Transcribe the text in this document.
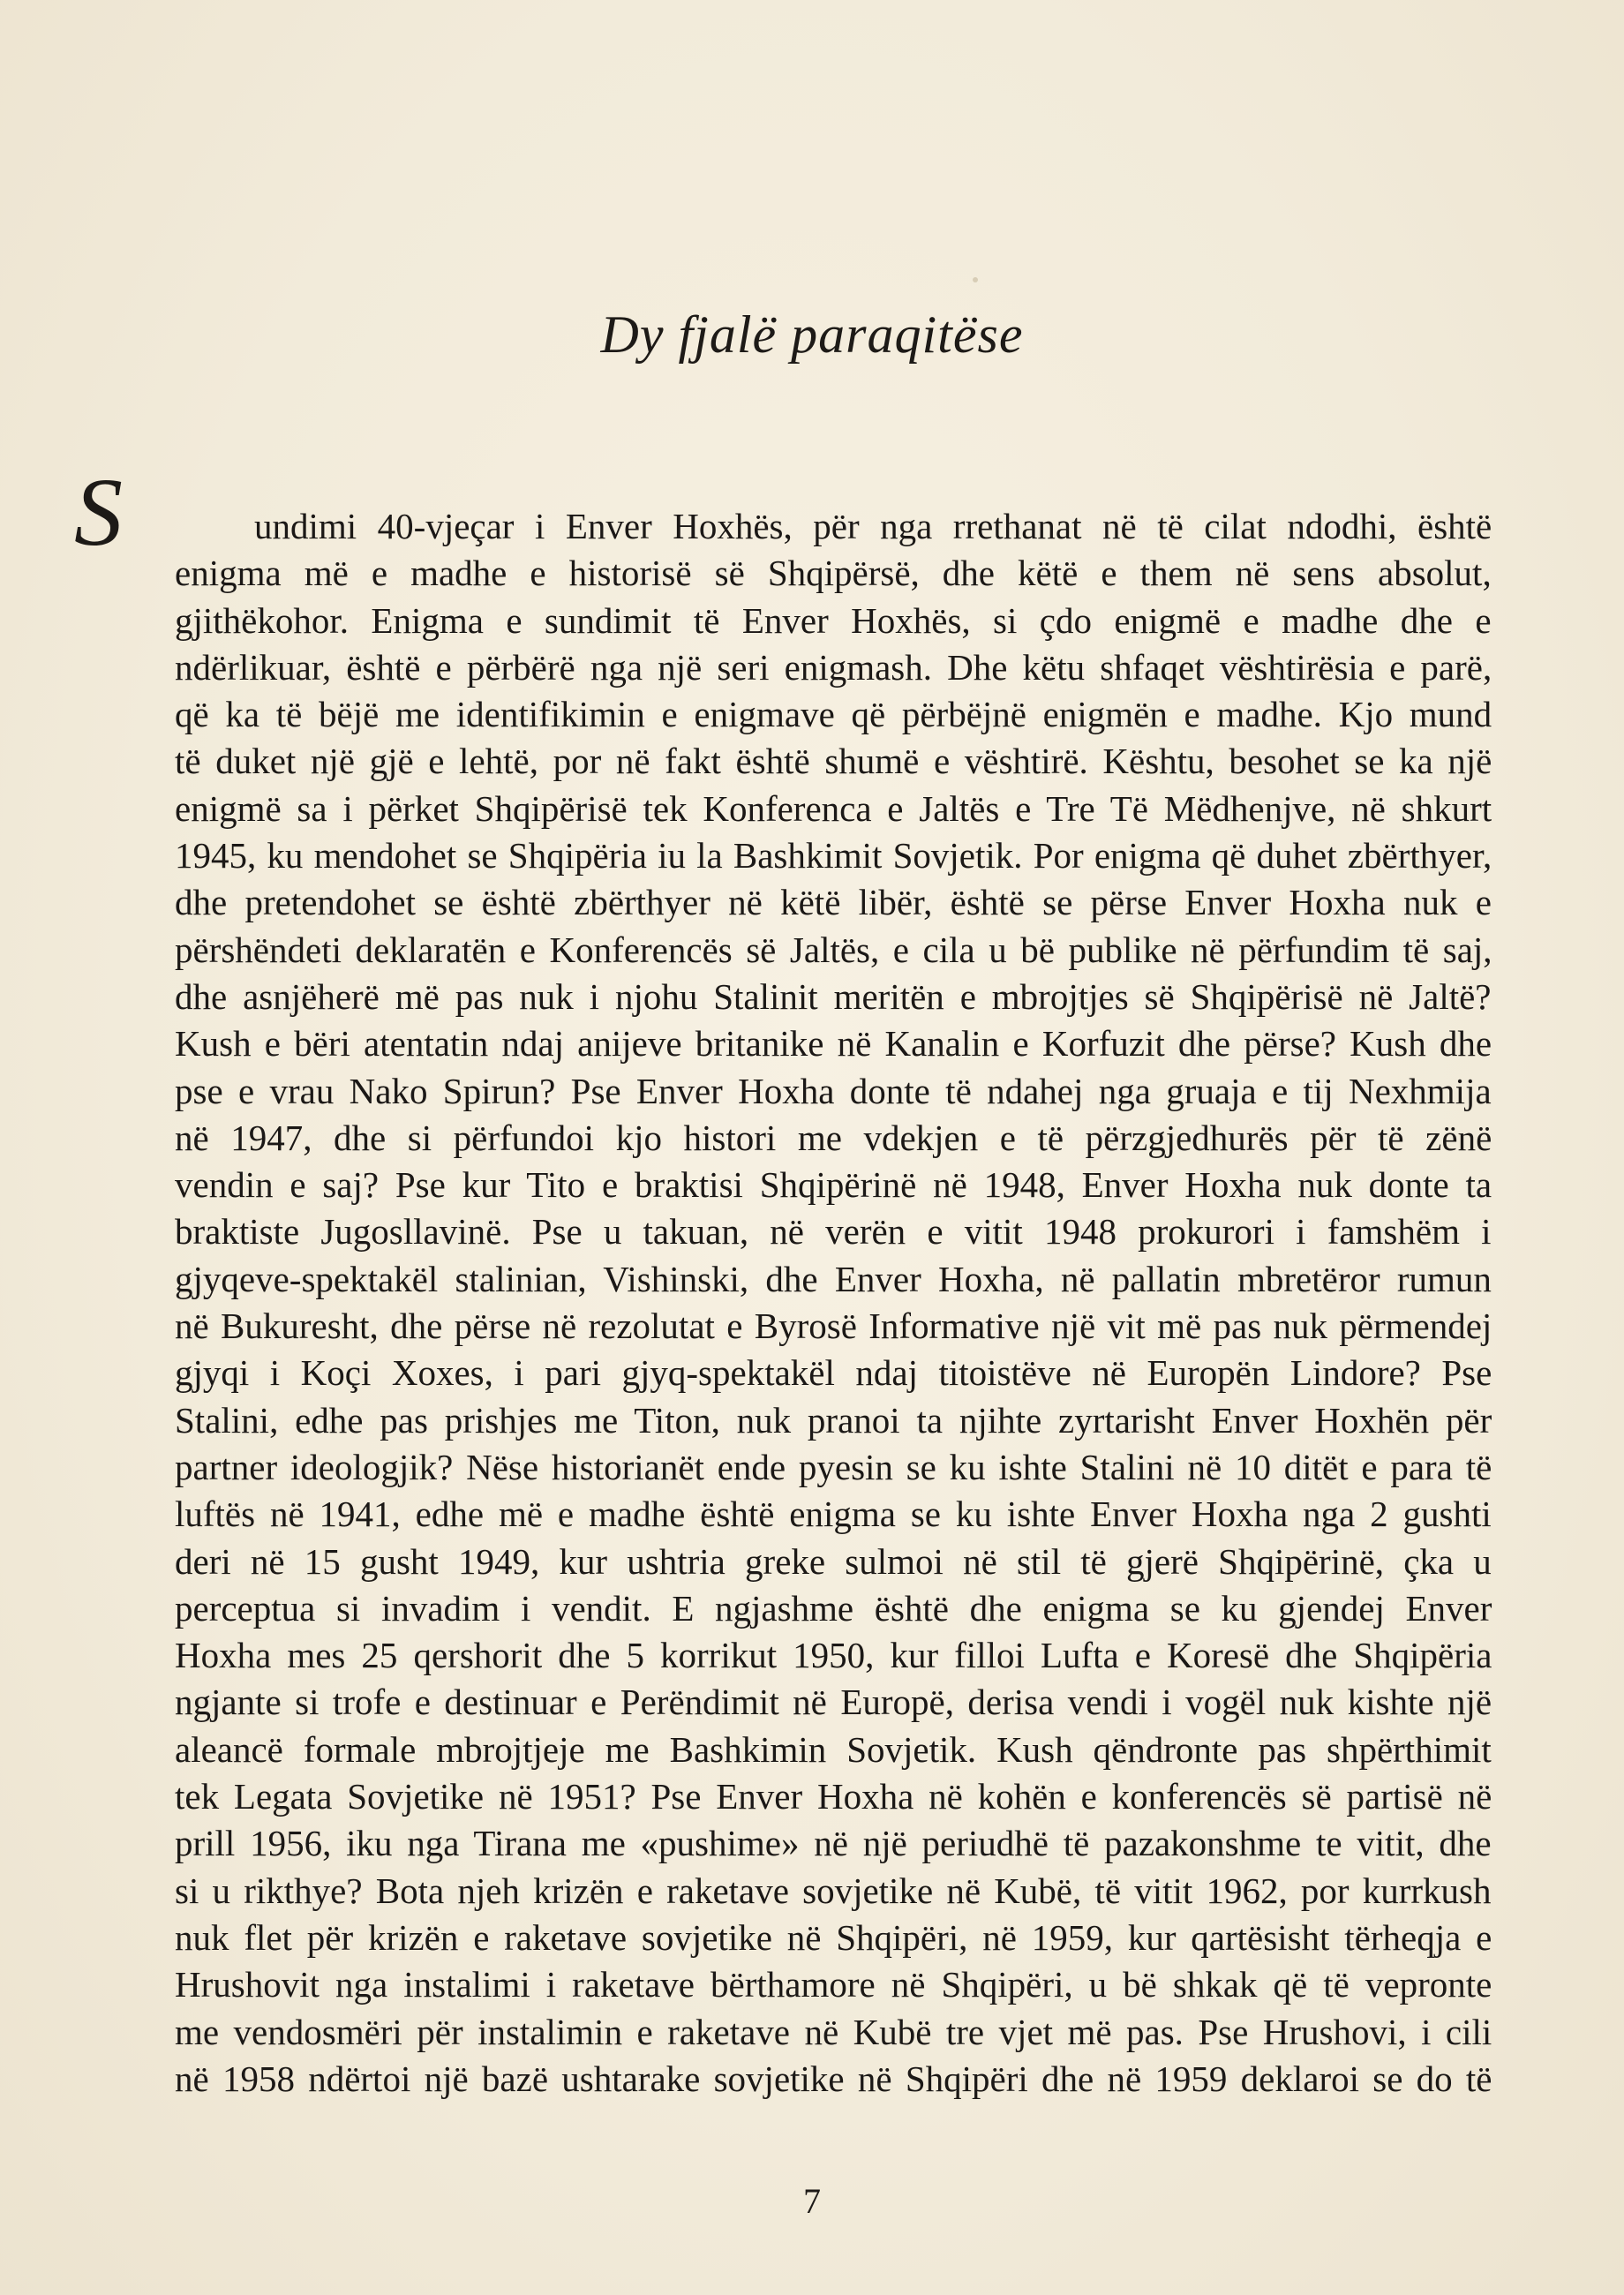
Dy fjalë paraqitëse
S	undimi 40-vjeçar i Enver Hoxhës, për nga rrethanat në të cilat ndodhi, është
enigma më e madhe e historisë së Shqipërsë, dhe këtë e them në sens absolut,
gjithëkohor. Enigma e sundimit të Enver Hoxhës, si çdo enigmë e madhe dhe e
ndërlikuar, është e përbërë nga një seri enigmash. Dhe këtu shfaqet vështirësia e parë,
që ka të bëjë me identifikimin e enigmave që përbëjnë enigmën e madhe. Kjo mund
të duket një gjë e lehtë, por në fakt është shumë e vështirë. Kështu, besohet se ka një
enigmë sa i përket Shqipërisë tek Konferenca e Jaltës e Tre Të Mëdhenjve, në shkurt
1945, ku mendohet se Shqipëria iu la Bashkimit Sovjetik. Por enigma që duhet zbërthyer,
dhe pretendohet se është zbërthyer në këtë libër, është se përse Enver Hoxha nuk e
përshëndeti deklaratën e Konferencës së Jaltës, e cila u bë publike në përfundim të saj,
dhe asnjëherë më pas nuk i njohu Stalinit meritën e mbrojtjes së Shqipërisë në Jaltë?
Kush e bëri atentatin ndaj anijeve britanike në Kanalin e Korfuzit dhe përse? Kush dhe
pse e vrau Nako Spirun? Pse Enver Hoxha donte të ndahej nga gruaja e tij Nexhmija
në 1947, dhe si përfundoi kjo histori me vdekjen e të përzgjedhurës për të zënë
vendin e saj? Pse kur Tito e braktisi Shqipërinë në 1948, Enver Hoxha nuk donte ta
braktiste Jugosllavinë. Pse u takuan, në verën e vitit 1948 prokurori i famshëm i
gjyqeve-spektakël stalinian, Vishinski, dhe Enver Hoxha, në pallatin mbretëror rumun
në Bukuresht, dhe përse në rezolutat e Byrosë Informative një vit më pas nuk përmendej
gjyqi i Koçi Xoxes, i pari gjyq-spektakël ndaj titoistëve në Europën Lindore? Pse
Stalini, edhe pas prishjes me Titon, nuk pranoi ta njihte zyrtarisht Enver Hoxhën për
partner ideologjik? Nëse historianët ende pyesin se ku ishte Stalini në 10 ditët e para të
luftës në 1941, edhe më e madhe është enigma se ku ishte Enver Hoxha nga 2 gushti
deri në 15 gusht 1949, kur ushtria greke sulmoi në stil të gjerë Shqipërinë, çka u
perceptua si invadim i vendit. E ngjashme është dhe enigma se ku gjendej Enver
Hoxha mes 25 qershorit dhe 5 korrikut 1950, kur filloi Lufta e Koresë dhe Shqipëria
ngjante si trofe e destinuar e Perëndimit në Europë, derisa vendi i vogël nuk kishte një
aleancë formale mbrojtjeje me Bashkimin Sovjetik. Kush qëndronte pas shpërthimit
tek Legata Sovjetike në 1951? Pse Enver Hoxha në kohën e konferencës së partisë në
prill 1956, iku nga Tirana me «pushime» në një periudhë të pazakonshme te vitit, dhe
si u rikthye? Bota njeh krizën e raketave sovjetike në Kubë, të vitit 1962, por kurrkush
nuk flet për krizën e raketave sovjetike në Shqipëri, në 1959, kur qartësisht tërheqja e
Hrushovit nga instalimi i raketave bërthamore në Shqipëri, u bë shkak që të vepronte
me vendosmëri për instalimin e raketave në Kubë tre vjet më pas. Pse Hrushovi, i cili
në 1958 ndërtoi një bazë ushtarake sovjetike në Shqipëri dhe në 1959 deklaroi se do të
7
